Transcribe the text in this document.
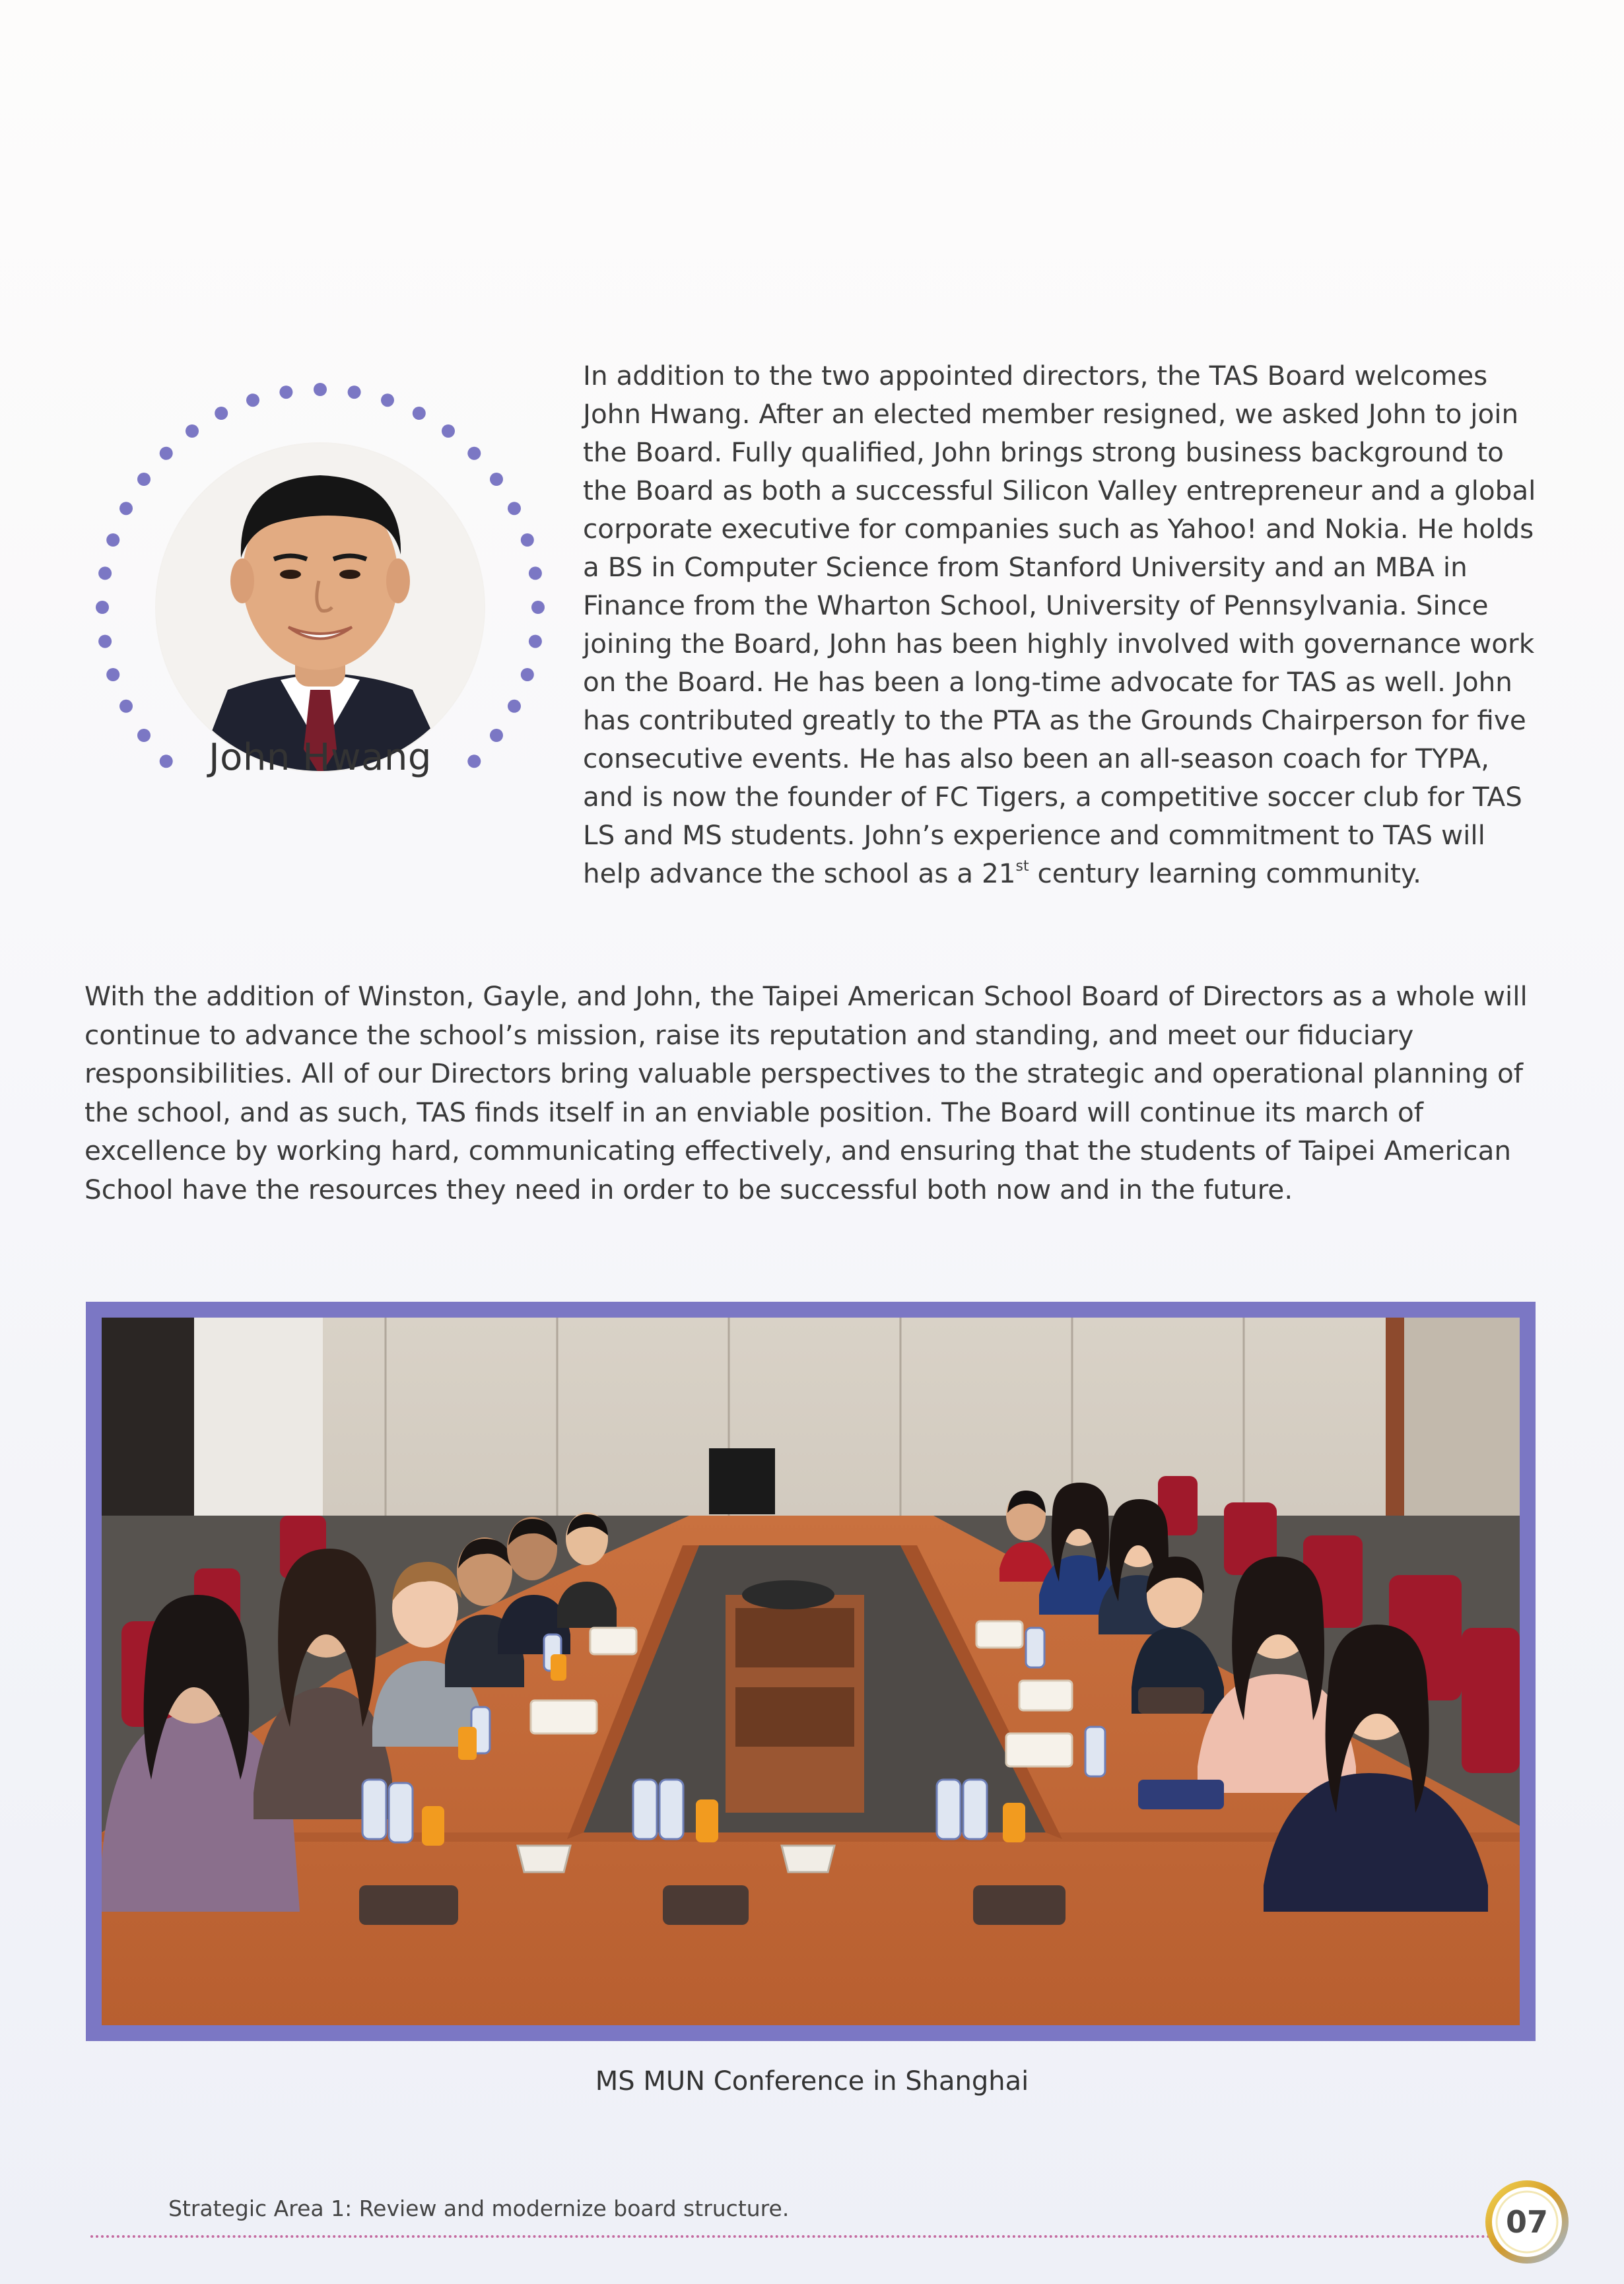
John Hwang

In addition to the two appointed directors, the TAS Board welcomes John Hwang. After an elected member resigned, we asked John to join the Board. Fully qualified, John brings strong business background to the Board as both a successful Silicon Valley entrepreneur and a global corporate executive for companies such as Yahoo! and Nokia. He holds a BS in Computer Science from Stanford University and an MBA in Finance from the Wharton School, University of Pennsylvania. Since joining the Board, John has been highly involved with governance work on the Board. He has been a long-time advocate for TAS as well. John has contributed greatly to the PTA as the Grounds Chairperson for five consecutive events. He has also been an all-season coach for TYPA, and is now the founder of FC Tigers, a competitive soccer club for TAS LS and MS students. John’s experience and commitment to TAS will help advance the school as a 21st century learning community.

With the addition of Winston, Gayle, and John, the Taipei American School Board of Directors as a whole will continue to advance the school’s mission, raise its reputation and standing, and meet our fiduciary responsibilities. All of our Directors bring valuable perspectives to the strategic and operational planning of the school, and as such, TAS finds itself in an enviable position. The Board will continue its march of excellence by working hard, communicating effectively, and ensuring that the students of Taipei American School have the resources they need in order to be successful both now and in the future.

MS MUN Conference in Shanghai
Strategic Area 1: Review and modernize board structure.	07
